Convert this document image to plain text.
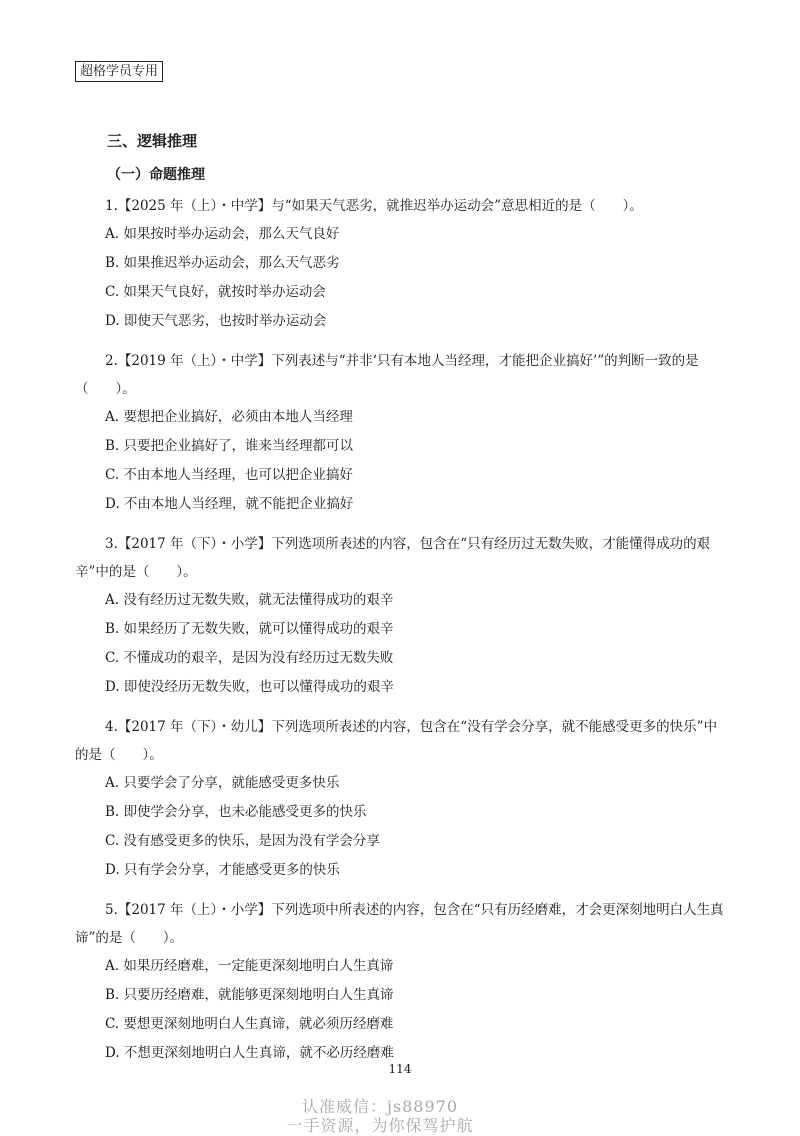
超格学员专用
三、逻辑推理
（一）命题推理

1.【2025 年（上）・中学】与“如果天气恶劣，就推迟举办运动会”意思相近的是（　　）。

A. 如果按时举办运动会，那么天气良好

B. 如果推迟举办运动会，那么天气恶劣

C. 如果天气良好，就按时举办运动会

D. 即使天气恶劣，也按时举办运动会

2.【2019 年（上）・中学】下列表述与“并非‘只有本地人当经理，才能把企业搞好’”的判断一致的是（　　）。

A. 要想把企业搞好，必须由本地人当经理

B. 只要把企业搞好了，谁来当经理都可以

C. 不由本地人当经理，也可以把企业搞好

D. 不由本地人当经理，就不能把企业搞好

3.【2017 年（下）・小学】下列选项所表述的内容，包含在“只有经历过无数失败，才能懂得成功的艰辛”中的是（　　）。

A. 没有经历过无数失败，就无法懂得成功的艰辛

B. 如果经历了无数失败，就可以懂得成功的艰辛

C. 不懂成功的艰辛，是因为没有经历过无数失败

D. 即使没经历无数失败，也可以懂得成功的艰辛

4.【2017 年（下）・幼儿】下列选项所表述的内容，包含在“没有学会分享，就不能感受更多的快乐”中的是（　　）。

A. 只要学会了分享，就能感受更多快乐

B. 即使学会分享，也未必能感受更多的快乐

C. 没有感受更多的快乐，是因为没有学会分享

D. 只有学会分享，才能感受更多的快乐

5.【2017 年（上）・小学】下列选项中所表述的内容，包含在“只有历经磨难，才会更深刻地明白人生真谛”的是（　　）。

A. 如果历经磨难，一定能更深刻地明白人生真谛

B. 只要历经磨难，就能够更深刻地明白人生真谛

C. 要想更深刻地明白人生真谛，就必须历经磨难

D. 不想更深刻地明白人生真谛，就不必历经磨难

114
认准威信：js88970
一手资源，为你保驾护航
